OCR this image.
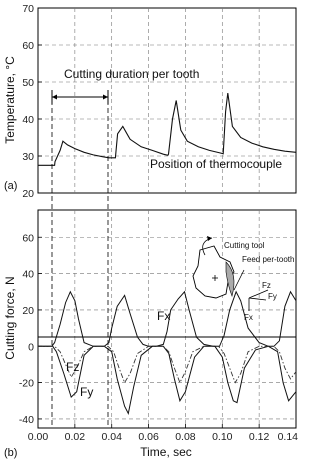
20
30
40
50
60
70
Temperature, °C
(a)
Cutting duration per tooth
Position of thermocouple
-40
-20
0
20
40
60
0.00 0.02 0.04 0.06 0.08 0.10 0.12 0.14
Cutting force, N
Time, sec
(b)
Fx
Fz
Fy
Cutting tool
Feed per-tooth
Fz
Fy
Fx
